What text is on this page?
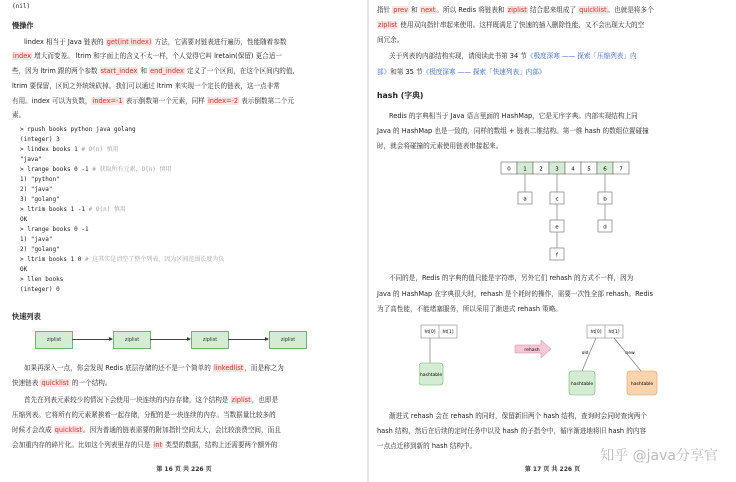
(nil)
慢操作
lindex 相当于 Java 链表的 get(int index) 方法，它需要对链表进行遍历，性能随着参数
index 增大而变差。 ltrim 和字面上的含义不太一样，个人觉得它叫 lretain(保留) 更合适一
些，因为 ltrim 跟的两个参数 start_index 和 end_index 定义了一个区间，在这个区间内的值,
ltrim 要保留，区间之外统统砍掉。我们可以通过 ltrim 来实现一个定长的链表，这一点非常
有用。index 可以为负数，index=-1 表示倒数第一个元素，同样 index=-2 表示倒数第二个元
素。
> rpush books python java golang
(integer) 3
> lindex books 1 # O(n) 慎用
"java"
> lrange books 0 -1 # 获取所有元素，O(n) 慎用
1) "python"
2) "java"
3) "golang"
> ltrim books 1 -1 # O(n) 慎用
OK
> lrange books 0 -1
1) "java"
2) "golang"
> ltrim books 1 0 # 这其实是清空了整个列表，因为区间范围长度为负
OK
> llen books
(integer) 0
快速列表
ziplist	ziplist	ziplist	ziplist
如果再深入一点，你会发现 Redis 底层存储的还不是一个简单的 linkedlist，而是称之为
快速链表 quicklist 的一个结构。
首先在列表元素较少的情况下会使用一块连续的内存存储，这个结构是 ziplist，也即是
压缩列表。它将所有的元素紧挨着一起存储，分配的是一块连续的内存。当数据量比较多的
时候才会改成 quicklist。因为普通的链表需要的附加指针空间太大，会比较浪费空间，而且
会加重内存的碎片化。比如这个列表里存的只是 int 类型的数据，结构上还需要两个额外的
第 16 页 共 226 页
指针 prev 和 next。所以 Redis 将链表和 ziplist 结合起来组成了 quicklist。也就是将多个
ziplist 使用双向指针串起来使用。这样既满足了快速的插入删除性能，又不会出现太大的空
间冗余。
关于列表的内部结构实现，请阅读此书第 34 节《极度深寒 —— 探索「压缩列表」内
部》和第 35 节《极度深寒 —— 探索「快速列表」内部》
hash (字典)
Redis 的字典相当于 Java 语言里面的 HashMap，它是无序字典。内部实现结构上同
Java 的 HashMap 也是一致的，同样的数组 + 链表二维结构。第一维 hash 的数组位置碰撞
时，就会将碰撞的元素使用链表串接起来。
0 1 2 3 4 5 6 7
a	c
e
f
b
d
不同的是，Redis 的字典的值只能是字符串，另外它们 rehash 的方式不一样，因为
Java 的 HashMap 在字典很大时，rehash 是个耗时的操作，需要一次性全部 rehash。Redis
为了高性能，不能堵塞服务，所以采用了渐进式 rehash 策略。
ht[0] ht[1]
hashtable
rehash
ht[0] ht[1]
old	new
hashtable	hashtable
渐进式 rehash 会在 rehash 的同时，保留新旧两个 hash 结构，查询时会同时查询两个
hash 结构，然后在后续的定时任务中以及 hash 的子指令中，循序渐进地将旧 hash 的内容
一点点迁移到新的 hash 结构中。
第 17 页 共 226 页
知乎 @java分享官
